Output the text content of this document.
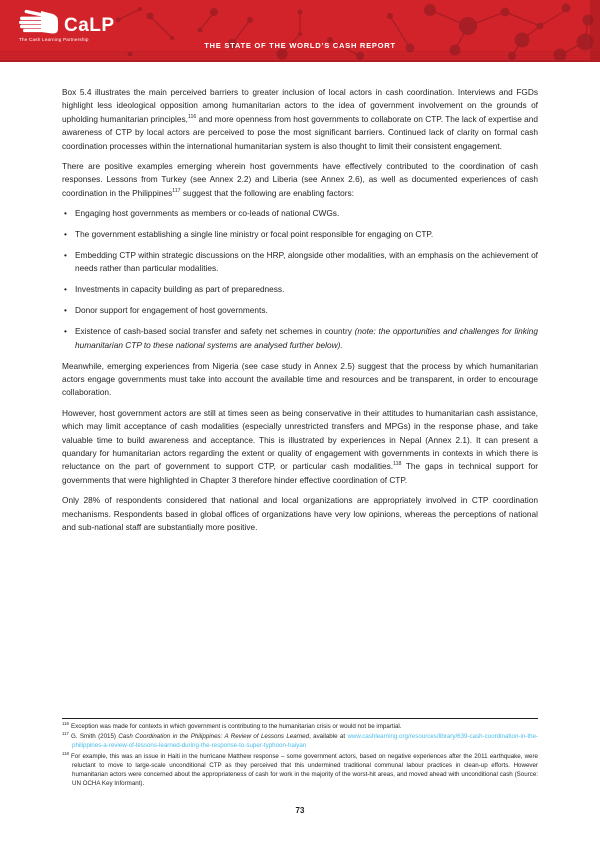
CaLP
The Cash Learning Partnership
THE STATE OF THE WORLD’S CASH REPORT

Box 5.4 illustrates the main perceived barriers to greater inclusion of local actors in cash coordination. Interviews and FGDs highlight less ideological opposition among humanitarian actors to the idea of government involvement on the grounds of upholding humanitarian principles,$^{116}$ and more openness from host governments to collaborate on CTP. The lack of expertise and awareness of CTP by local actors are perceived to pose the most significant barriers. Continued lack of clarity on formal cash coordination processes within the international humanitarian system is also thought to limit their consistent engagement.

There are positive examples emerging wherein host governments have effectively contributed to the coordination of cash responses. Lessons from Turkey (see Annex 2.2) and Liberia (see Annex 2.6), as well as documented experiences of cash coordination in the Philippines$^{117}$ suggest that the following are enabling factors:

• Engaging host governments as members or co-leads of national CWGs.
• The government establishing a single line ministry or focal point responsible for engaging on CTP.
• Embedding CTP within strategic discussions on the HRP, alongside other modalities, with an emphasis on the achievement of needs rather than particular modalities.
• Investments in capacity building as part of preparedness.
• Donor support for engagement of host governments.
• Existence of cash-based social transfer and safety net schemes in country (note: the opportunities and challenges for linking humanitarian CTP to these national systems are analysed further below).

Meanwhile, emerging experiences from Nigeria (see case study in Annex 2.5) suggest that the process by which humanitarian actors engage governments must take into account the available time and resources and be transparent, in order to encourage collaboration.

However, host government actors are still at times seen as being conservative in their attitudes to humanitarian cash assistance, which may limit acceptance of cash modalities (especially unrestricted transfers and MPGs) in the response phase, and take valuable time to build awareness and acceptance. This is illustrated by experiences in Nepal (Annex 2.1). It can present a quandary for humanitarian actors regarding the extent or quality of engagement with governments in contexts in which there is reluctance on the part of government to support CTP, or particular cash modalities.$^{118}$ The gaps in technical support for governments that were highlighted in Chapter 3 therefore hinder effective coordination of CTP.

Only 28% of respondents considered that national and local organizations are appropriately involved in CTP coordination mechanisms. Respondents based in global offices of organizations have very low opinions, whereas the perceptions of national and sub-national staff are substantially more positive.

$^{116}$ Exception was made for contexts in which government is contributing to the humanitarian crisis or would not be impartial.
$^{117}$ G. Smith (2015) Cash Coordination in the Philippines: A Review of Lessons Learned, available at www.cashlearning.org/resources/library/639-cash-coordination-in-the-philippines-a-review-of-lessons-learned-during-the-response-to-super-typhoon-haiyan
$^{118}$ For example, this was an issue in Haiti in the hurricane Matthew response – some government actors, based on negative experiences after the 2011 earthquake, were reluctant to move to large-scale unconditional CTP as they perceived that this undermined traditional communal labour practices in clean-up efforts. However humanitarian actors were concerned about the appropriateness of cash for work in the majority of the worst-hit areas, and moved ahead with unconditional cash (Source: UN OCHA Key Informant).
73
